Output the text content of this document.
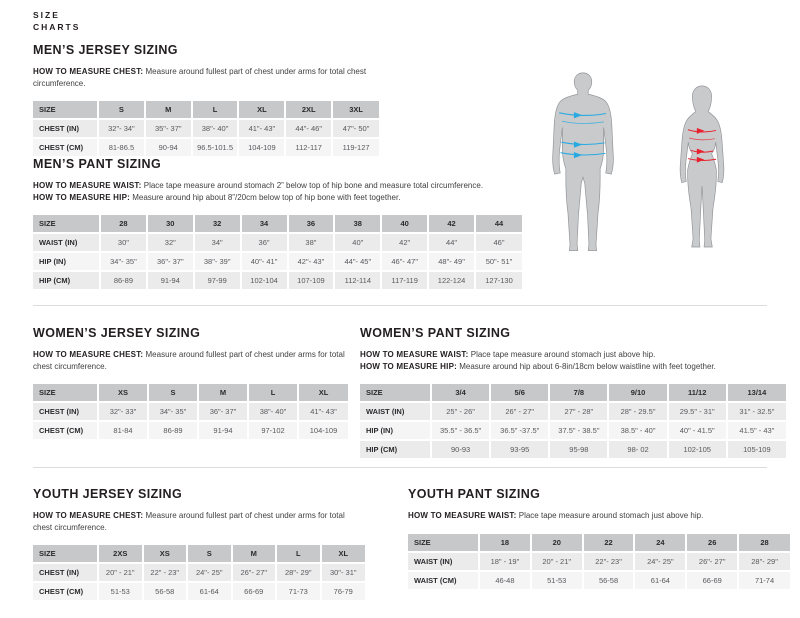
SIZE
CHARTS
MEN’S JERSEY SIZING

HOW TO MEASURE CHEST: Measure around fullest part of chest under arms for total chest circumference.

SIZE	S	M	L	XL	2XL	3XL
CHEST (IN)	32"- 34"	35"- 37"	38"- 40"	41"- 43"	44"- 46"	47"- 50"
CHEST (CM)	81-86.5	90-94	96.5-101.5	104-109	112-117	119-127
MEN’S PANT SIZING

HOW TO MEASURE WAIST: Place tape measure around stomach 2” below top of hip bone and measure total circumference.

HOW TO MEASURE HIP: Measure around hip about 8”/20cm below top of hip bone with feet together.

SIZE	28	30	32	34	36	38	40	42	44
WAIST (IN)	30"	32"	34"	36"	38"	40"	42"	44"	46"
HIP (IN)	34"- 35"	36"- 37"	38"- 39"	40"- 41"	42"- 43"	44"- 45"	46"- 47"	48"- 49"	50"- 51"
HIP (CM)	86-89	91-94	97-99	102-104	107-109	112-114	117-119	122-124	127-130
WOMEN’S JERSEY SIZING

HOW TO MEASURE CHEST: Measure around fullest part of chest under arms for total chest circumference.

SIZE	XS	S	M	L	XL
CHEST (IN)	32"- 33"	34"- 35"	36"- 37"	38"- 40"	41"- 43"
CHEST (CM)	81-84	86-89	91-94	97-102	104-109
WOMEN’S PANT SIZING

HOW TO MEASURE WAIST: Place tape measure around stomach just above hip.

HOW TO MEASURE HIP: Measure around hip about 6-8in/18cm below waistline with feet together.

SIZE	3/4	5/6	7/8	9/10	11/12	13/14
WAIST (IN)	25" - 26"	26" - 27"	27" - 28"	28" - 29.5"	29.5" - 31"	31" - 32.5"
HIP (IN)	35.5" - 36.5"	36.5" -37.5"	37.5" - 38.5"	38.5" - 40"	40" - 41.5"	41.5" - 43"
HIP (CM)	90-93	93-95	95-98	98- 02	102-105	105-109
YOUTH JERSEY SIZING

HOW TO MEASURE CHEST: Measure around fullest part of chest under arms for total chest circumference.

SIZE	2XS	XS	S	M	L	XL
CHEST (IN)	20" - 21"	22" - 23"	24"- 25"	26"- 27"	28"- 29"	30"- 31"
CHEST (CM)	51-53	56-58	61-64	66-69	71-73	76-79
YOUTH PANT SIZING

HOW TO MEASURE WAIST: Place tape measure around stomach just above hip.

SIZE	18	20	22	24	26	28
WAIST (IN)	18" - 19"	20" - 21"	22"- 23"	24"- 25"	26"- 27"	28"- 29"
WAIST (CM)	46-48	51-53	56-58	61-64	66-69	71-74
